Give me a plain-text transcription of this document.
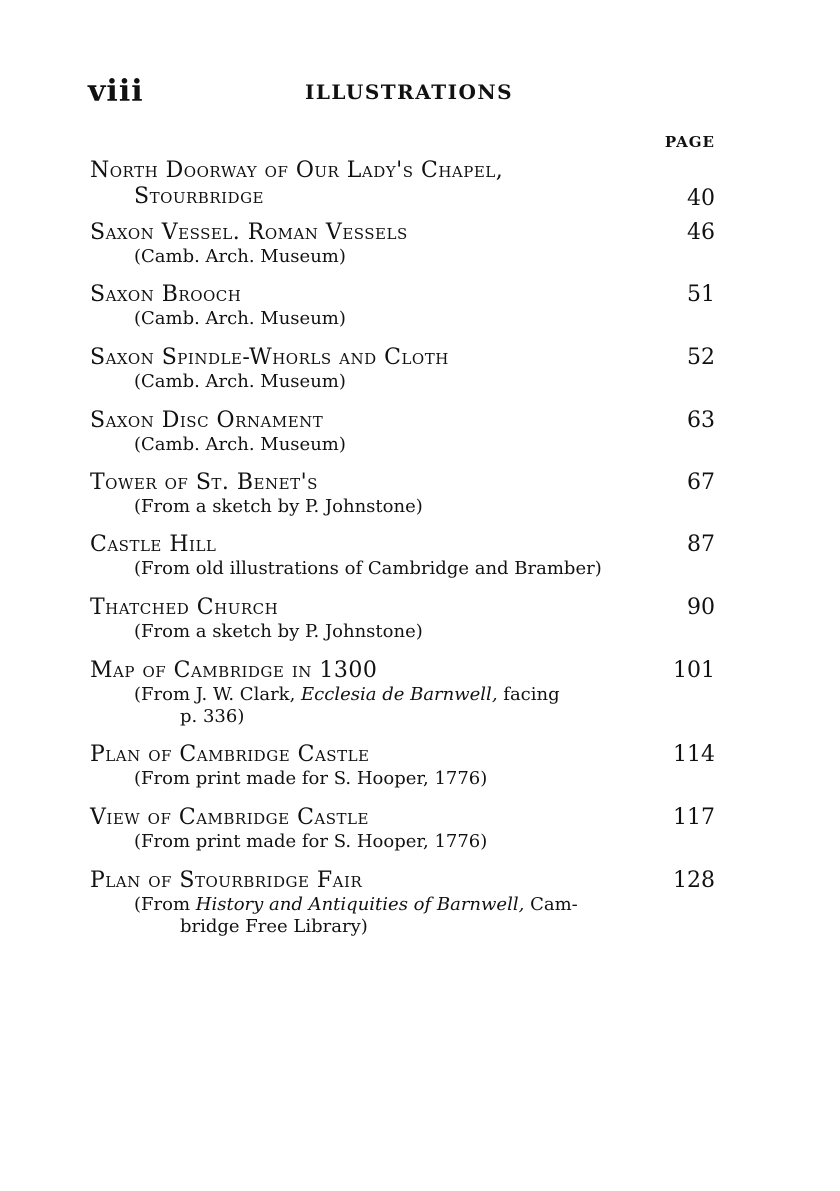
viii	ILLUSTRATIONS
PAGE
North Doorway of Our Lady's Chapel,
Stourbridge	40
Saxon Vessel. Roman Vessels
(Camb. Arch. Museum)
46
Saxon Brooch
(Camb. Arch. Museum)
51
Saxon Spindle-Whorls and Cloth
(Camb. Arch. Museum)
52
Saxon Disc Ornament
(Camb. Arch. Museum)
63
Tower of St. Benet's
(From a sketch by P. Johnstone)
67
Castle Hill
(From old illustrations of Cambridge and Bramber)
87
Thatched Church
(From a sketch by P. Johnstone)
90
Map of Cambridge in 1300
(From J. W. Clark, Ecclesia de Barnwell, facing
p. 336)
101
Plan of Cambridge Castle
(From print made for S. Hooper, 1776)
114
View of Cambridge Castle
(From print made for S. Hooper, 1776)
117
Plan of Stourbridge Fair
(From History and Antiquities of Barnwell, Cam-
bridge Free Library)
128
